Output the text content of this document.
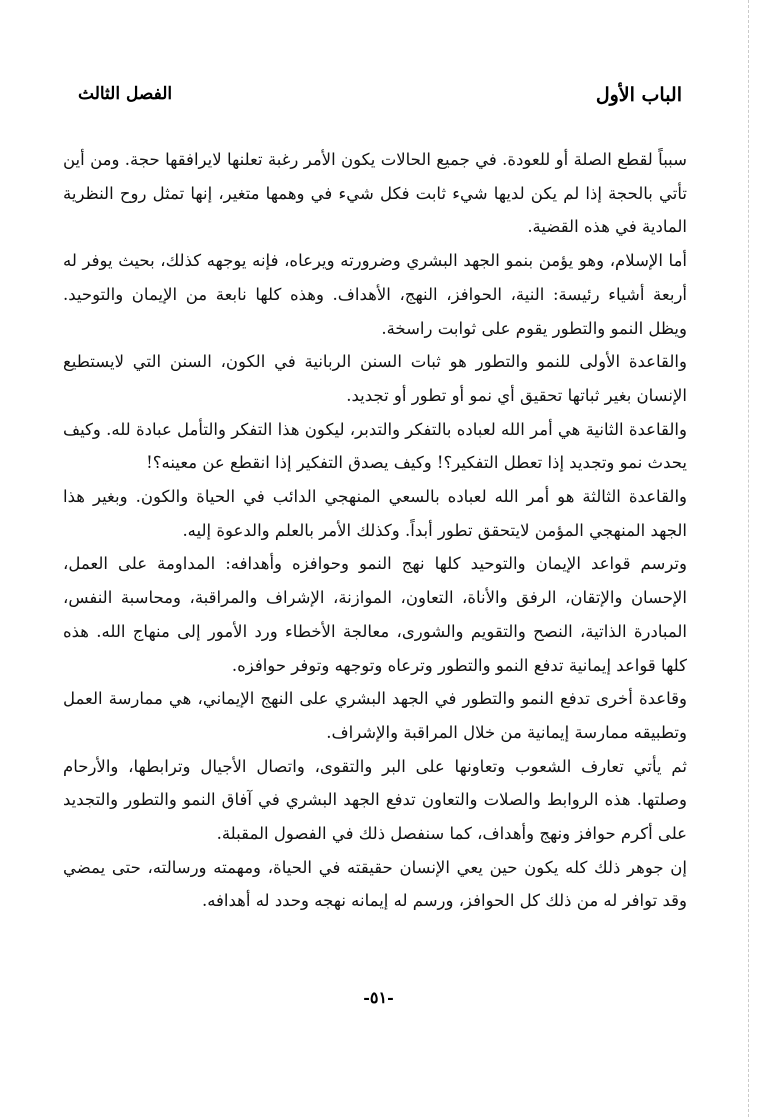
الباب الأول
الفصل الثالث

سبباً لقطع الصلة أو للعودة. في جميع الحالات يكون الأمر رغبة تعلنها لايرافقها حجة. ومن أين تأتي بالحجة إذا لم يكن لديها شيء ثابت فكل شيء في وهمها متغير، إنها تمثل روح النظرية المادية في هذه القضية.

أما الإسلام، وهو يؤمن بنمو الجهد البشري وضرورته ويرعاه، فإنه يوجهه كذلك، بحيث يوفر له أربعة أشياء رئيسة: النية، الحوافز، النهج، الأهداف. وهذه كلها نابعة من الإيمان والتوحيد. ويظل النمو والتطور يقوم على ثوابت راسخة.

والقاعدة الأولى للنمو والتطور هو ثبات السنن الربانية في الكون، السنن التي لايستطيع الإنسان بغير ثباتها تحقيق أي نمو أو تطور أو تجديد.

والقاعدة الثانية هي أمر الله لعباده بالتفكر والتدبر، ليكون هذا التفكر والتأمل عبادة لله. وكيف يحدث نمو وتجديد إذا تعطل التفكير؟! وكيف يصدق التفكير إذا انقطع عن معينه؟!

والقاعدة الثالثة هو أمر الله لعباده بالسعي المنهجي الدائب في الحياة والكون. وبغير هذا الجهد المنهجي المؤمن لايتحقق تطور أبداً. وكذلك الأمر بالعلم والدعوة إليه.

وترسم قواعد الإيمان والتوحيد كلها نهج النمو وحوافزه وأهدافه: المداومة على العمل، الإحسان والإتقان، الرفق والأناة، التعاون، الموازنة، الإشراف والمراقبة، ومحاسبة النفس، المبادرة الذاتية، النصح والتقويم والشورى، معالجة الأخطاء ورد الأمور إلى منهاج الله. هذه كلها قواعد إيمانية تدفع النمو والتطور وترعاه وتوجهه وتوفر حوافزه.

وقاعدة أخرى تدفع النمو والتطور في الجهد البشري على النهج الإيماني، هي ممارسة العمل وتطبيقه ممارسة إيمانية من خلال المراقبة والإشراف.

ثم يأتي تعارف الشعوب وتعاونها على البر والتقوى، واتصال الأجيال وترابطها، والأرحام وصلتها. هذه الروابط والصلات والتعاون تدفع الجهد البشري في آفاق النمو والتطور والتجديد على أكرم حوافز ونهج وأهداف، كما سنفصل ذلك في الفصول المقبلة.

إن جوهر ذلك كله يكون حين يعي الإنسان حقيقته في الحياة، ومهمته ورسالته، حتى يمضي وقد توافر له من ذلك كل الحوافز، ورسم له إيمانه نهجه وحدد له أهدافه.

-٥١-
